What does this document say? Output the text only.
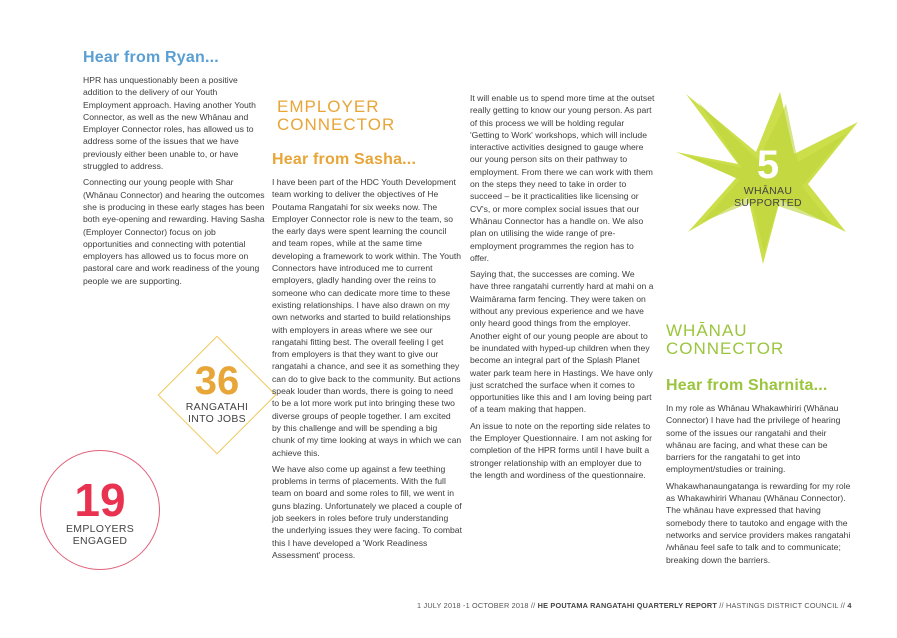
Hear from Ryan...

HPR has unquestionably been a positive addition to the delivery of our Youth Employment approach. Having another Youth Connector, as well as the new Whānau and Employer Connector roles, has allowed us to address some of the issues that we have previously either been unable to, or have struggled to address.

Connecting our young people with Shar (Whānau Connector) and hearing the outcomes she is producing in these early stages has been both eye-opening and rewarding. Having Sasha (Employer Connector) focus on job opportunities and connecting with potential employers has allowed us to focus more on pastoral care and work readiness of the young people we are supporting.

36
RANGATAHI
INTO JOBS
19
EMPLOYERS
ENGAGED
EMPLOYER
CONNECTOR
Hear from Sasha...

I have been part of the HDC Youth Development team working to deliver the objectives of He Poutama Rangatahi for six weeks now. The Employer Connector role is new to the team, so the early days were spent learning the council and team ropes, while at the same time developing a framework to work within. The Youth Connectors have introduced me to current employers, gladly handing over the reins to someone who can dedicate more time to these existing relationships. I have also drawn on my own networks and started to build relationships with employers in areas where we see our rangatahi fitting best. The overall feeling I get from employers is that they want to give our rangatahi a chance, and see it as something they can do to give back to the community. But actions speak louder than words, there is going to need to be a lot more work put into bringing these two diverse groups of people together. I am excited by this challenge and will be spending a big chunk of my time looking at ways in which we can achieve this.

We have also come up against a few teething problems in terms of placements. With the full team on board and some roles to fill, we went in guns blazing. Unfortunately we placed a couple of job seekers in roles before truly understanding the underlying issues they were facing. To combat this I have developed a 'Work Readiness Assessment' process.

It will enable us to spend more time at the outset really getting to know our young person. As part of this process we will be holding regular 'Getting to Work' workshops, which will include interactive activities designed to gauge where our young person sits on their pathway to employment. From there we can work with them on the steps they need to take in order to succeed – be it practicalities like licensing or CV's, or more complex social issues that our Whānau Connector has a handle on. We also plan on utilising the wide range of pre-employment programmes the region has to offer.

Saying that, the successes are coming. We have three rangatahi currently hard at mahi on a Waimārama farm fencing. They were taken on without any previous experience and we have only heard good things from the employer. Another eight of our young people are about to be inundated with hyped-up children when they become an integral part of the Splash Planet water park team here in Hastings. We have only just scratched the surface when it comes to opportunities like this and I am loving being part of a team making that happen.

An issue to note on the reporting side relates to the Employer Questionnaire. I am not asking for completion of the HPR forms until I have built a stronger relationship with an employer due to the length and wordiness of the questionnaire.

5
WHĀNAU
SUPPORTED
WHĀNAU
CONNECTOR
Hear from Sharnita...

In my role as Whānau Whakawhiriri (Whānau Connector) I have had the privilege of hearing some of the issues our rangatahi and their whānau are facing, and what these can be barriers for the rangatahi to get into employment/studies or training.

Whakawhanaungatanga is rewarding for my role as Whakawhiriri Whanau (Whānau Connector). The whānau have expressed that having somebody there to tautoko and engage with the networks and service providers makes rangatahi /whānau feel safe to talk and to communicate; breaking down the barriers.

1 JULY 2018 -1 OCTOBER 2018 // HE POUTAMA RANGATAHI QUARTERLY REPORT // HASTINGS DISTRICT COUNCIL // 4
